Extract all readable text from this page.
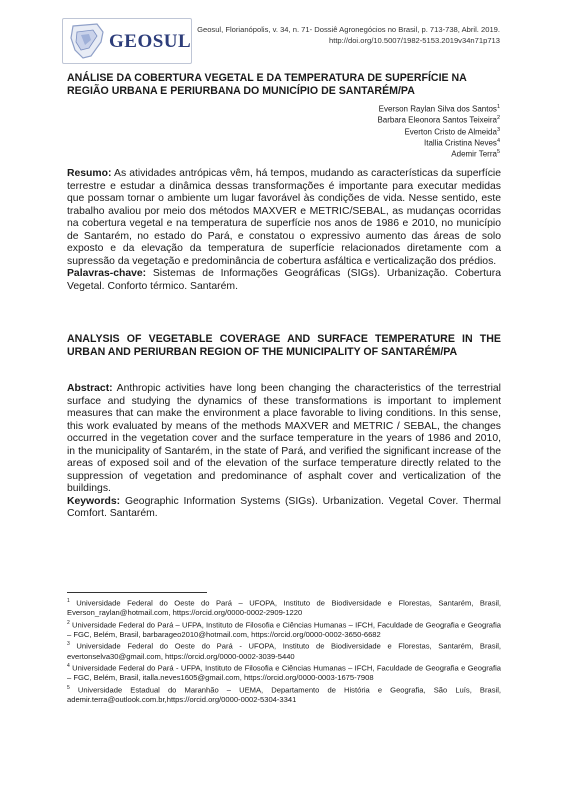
GEOSUL
Geosul, Florianópolis, v. 34, n. 71- Dossiê Agronegócios no Brasil, p. 713-738, Abril. 2019.
http://doi.org/10.5007/1982-5153.2019v34n71p713
ANÁLISE DA COBERTURA VEGETAL E DA TEMPERATURA DE SUPERFÍCIE NA REGIÃO URBANA E PERIURBANA DO MUNICÍPIO DE SANTARÉM/PA
Everson Raylan Silva dos Santos$^1$
Barbara Eleonora Santos Teixeira$^2$
Everton Cristo de Almeida$^3$
Itallia Cristina Neves$^4$
Ademir Terra$^5$
Resumo: As atividades antrópicas vêm, há tempos, mudando as características da superfície terrestre e estudar a dinâmica dessas transformações é importante para executar medidas que possam tornar o ambiente um lugar favorável às condições de vida. Nesse sentido, este trabalho avaliou por meio dos métodos MAXVER e METRIC/SEBAL, as mudanças ocorridas na cobertura vegetal e na temperatura de superfície nos anos de 1986 e 2010, no município de Santarém, no estado do Pará, e constatou o expressivo aumento das áreas de solo exposto e da elevação da temperatura de superfície relacionados diretamente com a supressão da vegetação e predominância de cobertura asfáltica e verticalização dos prédios.
Palavras-chave: Sistemas de Informações Geográficas (SIGs). Urbanização. Cobertura Vegetal. Conforto térmico. Santarém.
ANALYSIS OF VEGETABLE COVERAGE AND SURFACE TEMPERATURE IN THE URBAN AND PERIURBAN REGION OF THE MUNICIPALITY OF SANTARÉM/PA
Abstract: Anthropic activities have long been changing the characteristics of the terrestrial surface and studying the dynamics of these transformations is important to implement measures that can make the environment a place favorable to living conditions. In this sense, this work evaluated by means of the methods MAXVER and METRIC / SEBAL, the changes occurred in the vegetation cover and the surface temperature in the years of 1986 and 2010, in the municipality of Santarém, in the state of Pará, and verified the significant increase of the areas of exposed soil and of the elevation of the surface temperature directly related to the suppression of vegetation and predominance of asphalt cover and verticalization of the buildings.
Keywords: Geographic Information Systems (SIGs). Urbanization. Vegetal Cover. Thermal Comfort. Santarém.
$^1$ Universidade Federal do Oeste do Pará – UFOPA, Instituto de Biodiversidade e Florestas, Santarém, Brasil, Everson_raylan@hotmail.com, https://orcid.org/0000-0002-2909-1220
$^2$ Universidade Federal do Pará – UFPA, Instituto de Filosofia e Ciências Humanas – IFCH, Faculdade de Geografia e Geografia – FGC, Belém, Brasil, barbarageo2010@hotmail.com, https://orcid.org/0000-0002-3650-6682
$^3$ Universidade Federal do Oeste do Pará - UFOPA, Instituto de Biodiversidade e Florestas, Santarém, Brasil, evertonselva30@gmail.com, https://orcid.org/0000-0002-3039-5440
$^4$ Universidade Federal do Pará - UFPA, Instituto de Filosofia e Ciências Humanas – IFCH, Faculdade de Geografia e Geografia – FGC, Belém, Brasil, italla.neves1605@gmail.com, https://orcid.org/0000-0003-1675-7908
$^5$ Universidade Estadual do Maranhão – UEMA, Departamento de História e Geografia, São Luís, Brasil, ademir.terra@outlook.com.br,https://orcid.org/0000-0002-5304-3341
